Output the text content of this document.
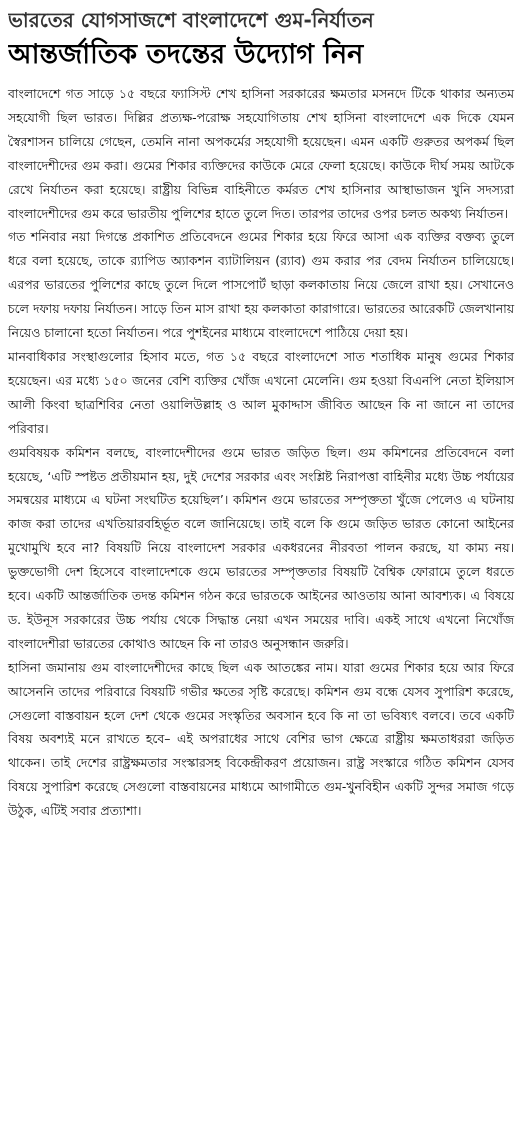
ভারতের যোগসাজশে বাংলাদেশে গুম-নির্যাতন
আন্তর্জাতিক তদন্তের উদ্যোগ নিন

বাংলাদেশে গত সাড়ে ১৫ বছরে ফ্যাসিস্ট শেখ হাসিনা সরকারের ক্ষমতার মসনদে টিকে থাকার অন্যতম সহযোগী ছিল ভারত। দিল্লির প্রত্যক্ষ-পরোক্ষ সহযোগিতায় শেখ হাসিনা বাংলাদেশে এক দিকে যেমন স্বৈরশাসন চালিয়ে গেছেন, তেমনি নানা অপকর্মের সহযোগী হয়েছেন। এমন একটি গুরুতর অপকর্ম ছিল বাংলাদেশীদের গুম করা। গুমের শিকার ব্যক্তিদের কাউকে মেরে ফেলা হয়েছে। কাউকে দীর্ঘ সময় আটকে রেখে নির্যাতন করা হয়েছে। রাষ্ট্রীয় বিভিন্ন বাহিনীতে কর্মরত শেখ হাসিনার আস্থাভাজন খুনি সদস্যরা বাংলাদেশীদের গুম করে ভারতীয় পুলিশের হাতে তুলে দিত। তারপর তাদের ওপর চলত অকথ্য নির্যাতন।

গত শনিবার নয়া দিগন্তে প্রকাশিত প্রতিবেদনে গুমের শিকার হয়ে ফিরে আসা এক ব্যক্তির বক্তব্য তুলে ধরে বলা হয়েছে, তাকে র‍্যাপিড অ্যাকশন ব্যাটালিয়ন (র‍্যাব) গুম করার পর বেদম নির্যাতন চালিয়েছে। এরপর ভারতের পুলিশের কাছে তুলে দিলে পাসপোর্ট ছাড়া কলকাতায় নিয়ে জেলে রাখা হয়। সেখানেও চলে দফায় দফায় নির্যাতন। সাড়ে তিন মাস রাখা হয় কলকাতা কারাগারে। ভারতের আরেকটি জেলখানায় নিয়েও চালানো হতো নির্যাতন। পরে পুশইনের মাধ্যমে বাংলাদেশে পাঠিয়ে দেয়া হয়।

মানবাধিকার সংস্থাগুলোর হিসাব মতে, গত ১৫ বছরে বাংলাদেশে সাত শতাধিক মানুষ গুমের শিকার হয়েছেন। এর মধ্যে ১৫০ জনের বেশি ব্যক্তির খোঁজ এখনো মেলেনি। গুম হওয়া বিএনপি নেতা ইলিয়াস আলী কিংবা ছাত্রশিবির নেতা ওয়ালিউল্লাহ ও আল মুকাদ্দাস জীবিত আছেন কি না জানে না তাদের পরিবার।

গুমবিষয়ক কমিশন বলছে, বাংলাদেশীদের গুমে ভারত জড়িত ছিল। গুম কমিশনের প্রতিবেদনে বলা হয়েছে, ‘এটি স্পষ্টত প্রতীয়মান হয়, দুই দেশের সরকার এবং সংশ্লিষ্ট নিরাপত্তা বাহিনীর মধ্যে উচ্চ পর্যায়ের সমন্বয়ের মাধ্যমে এ ঘটনা সংঘটিত হয়েছিল’। কমিশন গুমে ভারতের সম্পৃক্ততা খুঁজে পেলেও এ ঘটনায় কাজ করা তাদের এখতিয়ারবহির্ভূত বলে জানিয়েছে। তাই বলে কি গুমে জড়িত ভারত কোনো আইনের মুখোমুখি হবে না? বিষয়টি নিয়ে বাংলাদেশ সরকার একধরনের নীরবতা পালন করছে, যা কাম্য নয়। ভুক্তভোগী দেশ হিসেবে বাংলাদেশকে গুমে ভারতের সম্পৃক্ততার বিষয়টি বৈশ্বিক ফোরামে তুলে ধরতে হবে। একটি আন্তর্জাতিক তদন্ত কমিশন গঠন করে ভারতকে আইনের আওতায় আনা আবশ্যক। এ বিষয়ে ড. ইউনূস সরকারের উচ্চ পর্যায় থেকে সিদ্ধান্ত নেয়া এখন সময়ের দাবি। একই সাথে এখনো নিখোঁজ বাংলাদেশীরা ভারতের কোথাও আছেন কি না তারও অনুসন্ধান জরুরি।

হাসিনা জমানায় গুম বাংলাদেশীদের কাছে ছিল এক আতঙ্কের নাম। যারা গুমের শিকার হয়ে আর ফিরে আসেননি তাদের পরিবারে বিষয়টি গভীর ক্ষতের সৃষ্টি করেছে। কমিশন গুম বন্ধে যেসব সুপারিশ করেছে, সেগুলো বাস্তবায়ন হলে দেশ থেকে গুমের সংস্কৃতির অবসান হবে কি না তা ভবিষ্যৎ বলবে। তবে একটি বিষয় অবশ্যই মনে রাখতে হবে– এই অপরাধের সাথে বেশির ভাগ ক্ষেত্রে রাষ্ট্রীয় ক্ষমতাধররা জড়িত থাকেন। তাই দেশের রাষ্ট্রক্ষমতার সংস্কারসহ বিকেন্দ্রীকরণ প্রয়োজন। রাষ্ট্র সংস্কারে গঠিত কমিশন যেসব বিষয়ে সুপারিশ করেছে সেগুলো বাস্তবায়নের মাধ্যমে আগামীতে গুম-খুনবিহীন একটি সুন্দর সমাজ গড়ে উঠুক, এটিই সবার প্রত্যাশা।
